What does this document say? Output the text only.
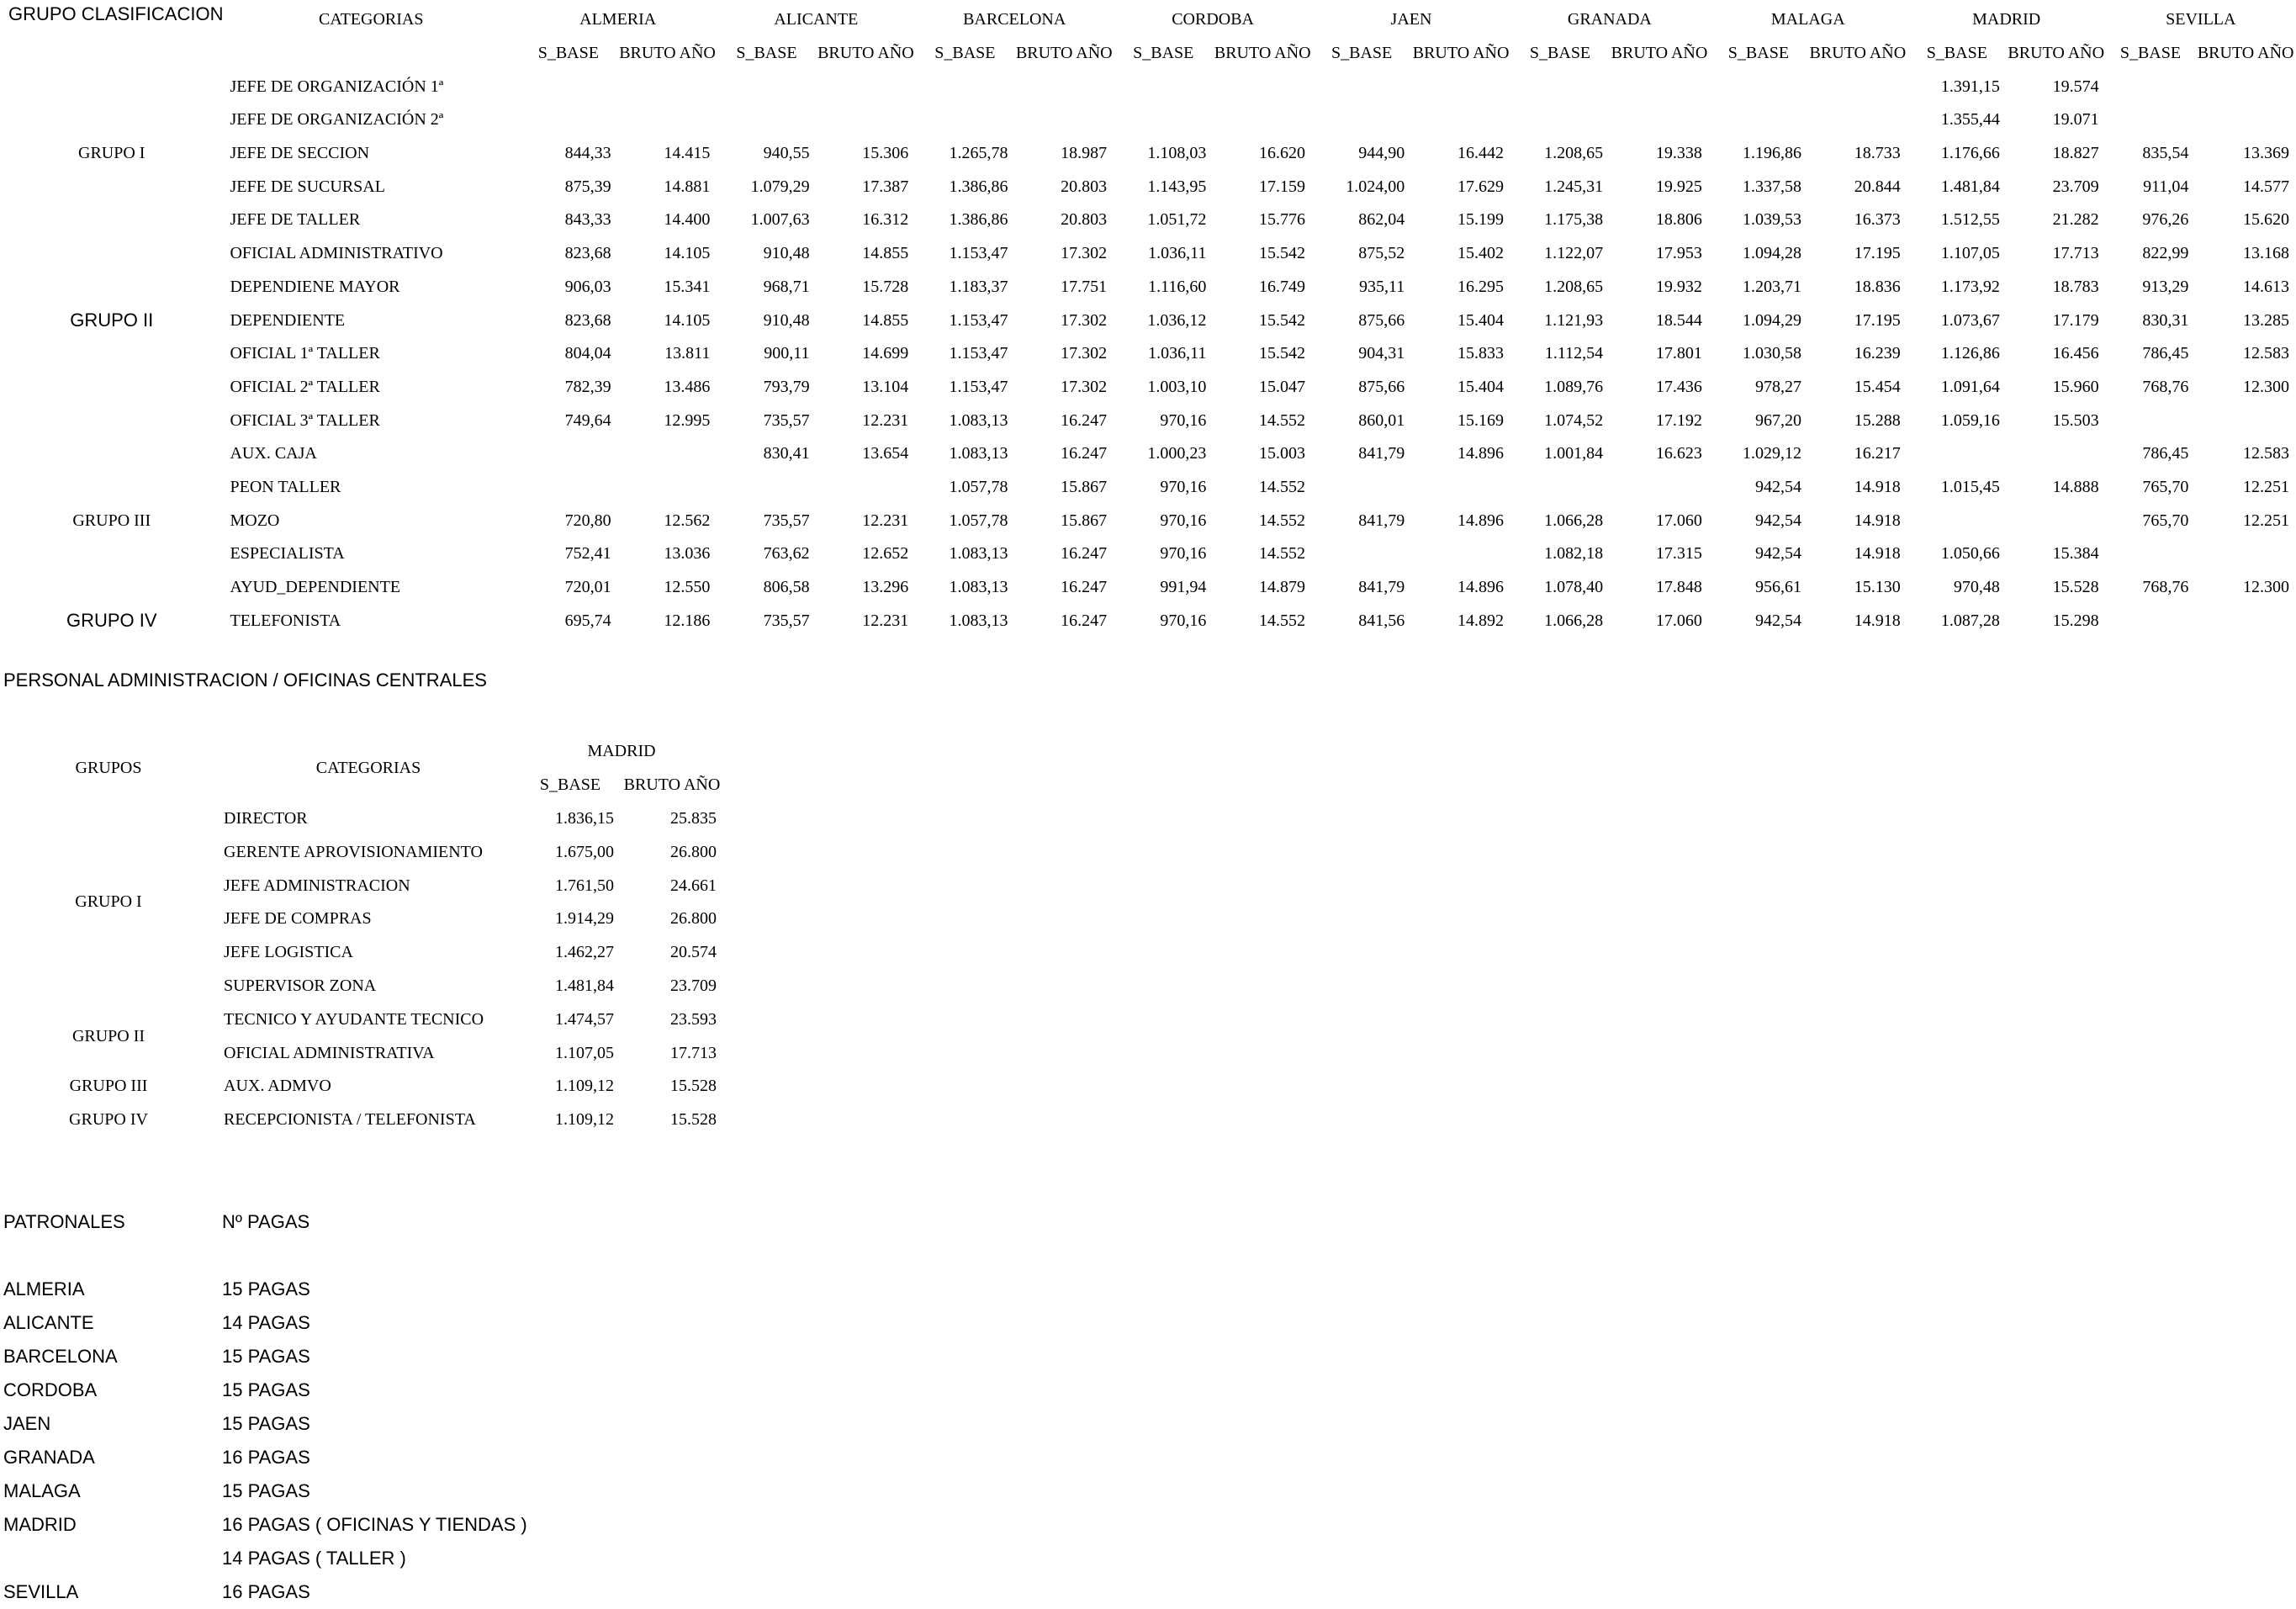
GRUPO CLASIFICACION	CATEGORIAS	ALMERIA		ALICANTE		BARCELONA		CORDOBA		JAEN		GRANADA		MALAGA		MADRID		SEVILLA	
		S_BASE	BRUTO AÑO	S_BASE	BRUTO AÑO	S_BASE	BRUTO AÑO	S_BASE	BRUTO AÑO	S_BASE	BRUTO AÑO	S_BASE	BRUTO AÑO	S_BASE	BRUTO AÑO	S_BASE	BRUTO AÑO	S_BASE	BRUTO AÑO
	JEFE DE ORGANIZACIÓN 1ª															1.391,15	19.574		
	JEFE DE ORGANIZACIÓN 2ª															1.355,44	19.071		
GRUPO I	JEFE DE SECCION	844,33	14.415	940,55	15.306	1.265,78	18.987	1.108,03	16.620	944,90	16.442	1.208,65	19.338	1.196,86	18.733	1.176,66	18.827	835,54	13.369
	JEFE DE SUCURSAL	875,39	14.881	1.079,29	17.387	1.386,86	20.803	1.143,95	17.159	1.024,00	17.629	1.245,31	19.925	1.337,58	20.844	1.481,84	23.709	911,04	14.577
	JEFE DE TALLER	843,33	14.400	1.007,63	16.312	1.386,86	20.803	1.051,72	15.776	862,04	15.199	1.175,38	18.806	1.039,53	16.373	1.512,55	21.282	976,26	15.620
	OFICIAL ADMINISTRATIVO	823,68	14.105	910,48	14.855	1.153,47	17.302	1.036,11	15.542	875,52	15.402	1.122,07	17.953	1.094,28	17.195	1.107,05	17.713	822,99	13.168
	DEPENDIENE MAYOR	906,03	15.341	968,71	15.728	1.183,37	17.751	1.116,60	16.749	935,11	16.295	1.208,65	19.932	1.203,71	18.836	1.173,92	18.783	913,29	14.613
GRUPO II	DEPENDIENTE	823,68	14.105	910,48	14.855	1.153,47	17.302	1.036,12	15.542	875,66	15.404	1.121,93	18.544	1.094,29	17.195	1.073,67	17.179	830,31	13.285
	OFICIAL 1ª TALLER	804,04	13.811	900,11	14.699	1.153,47	17.302	1.036,11	15.542	904,31	15.833	1.112,54	17.801	1.030,58	16.239	1.126,86	16.456	786,45	12.583
	OFICIAL 2ª TALLER	782,39	13.486	793,79	13.104	1.153,47	17.302	1.003,10	15.047	875,66	15.404	1.089,76	17.436	978,27	15.454	1.091,64	15.960	768,76	12.300
	OFICIAL 3ª TALLER	749,64	12.995	735,57	12.231	1.083,13	16.247	970,16	14.552	860,01	15.169	1.074,52	17.192	967,20	15.288	1.059,16	15.503		
	AUX. CAJA			830,41	13.654	1.083,13	16.247	1.000,23	15.003	841,79	14.896	1.001,84	16.623	1.029,12	16.217			786,45	12.583
	PEON TALLER					1.057,78	15.867	970,16	14.552					942,54	14.918	1.015,45	14.888	765,70	12.251
GRUPO III	MOZO	720,80	12.562	735,57	12.231	1.057,78	15.867	970,16	14.552	841,79	14.896	1.066,28	17.060	942,54	14.918			765,70	12.251
	ESPECIALISTA	752,41	13.036	763,62	12.652	1.083,13	16.247	970,16	14.552			1.082,18	17.315	942,54	14.918	1.050,66	15.384		
	AYUD_DEPENDIENTE	720,01	12.550	806,58	13.296	1.083,13	16.247	991,94	14.879	841,79	14.896	1.078,40	17.848	956,61	15.130	970,48	15.528	768,76	12.300
GRUPO IV	TELEFONISTA	695,74	12.186	735,57	12.231	1.083,13	16.247	970,16	14.552	841,56	14.892	1.066,28	17.060	942,54	14.918	1.087,28	15.298		
PERSONAL ADMINISTRACION / OFICINAS CENTRALES
GRUPOS	CATEGORIAS	MADRID	
		S_BASE	BRUTO AÑO
GRUPO I	DIRECTOR	1.836,15	25.835
	GERENTE APROVISIONAMIENTO	1.675,00	26.800
	JEFE ADMINISTRACION	1.761,50	24.661
	JEFE DE COMPRAS	1.914,29	26.800
	JEFE LOGISTICA	1.462,27	20.574
	SUPERVISOR ZONA	1.481,84	23.709
GRUPO II	TECNICO Y AYUDANTE TECNICO	1.474,57	23.593
	OFICIAL ADMINISTRATIVA	1.107,05	17.713
GRUPO III	AUX. ADMVO	1.109,12	15.528
GRUPO IV	RECEPCIONISTA / TELEFONISTA	1.109,12	15.528
PATRONALES	Nº PAGAS
ALMERIA	15 PAGAS
ALICANTE	14 PAGAS
BARCELONA	15 PAGAS
CORDOBA	15 PAGAS
JAEN	15 PAGAS
GRANADA	16 PAGAS
MALAGA	15 PAGAS
MADRID	16 PAGAS ( OFICINAS Y TIENDAS )
14 PAGAS ( TALLER )
SEVILLA	16 PAGAS
